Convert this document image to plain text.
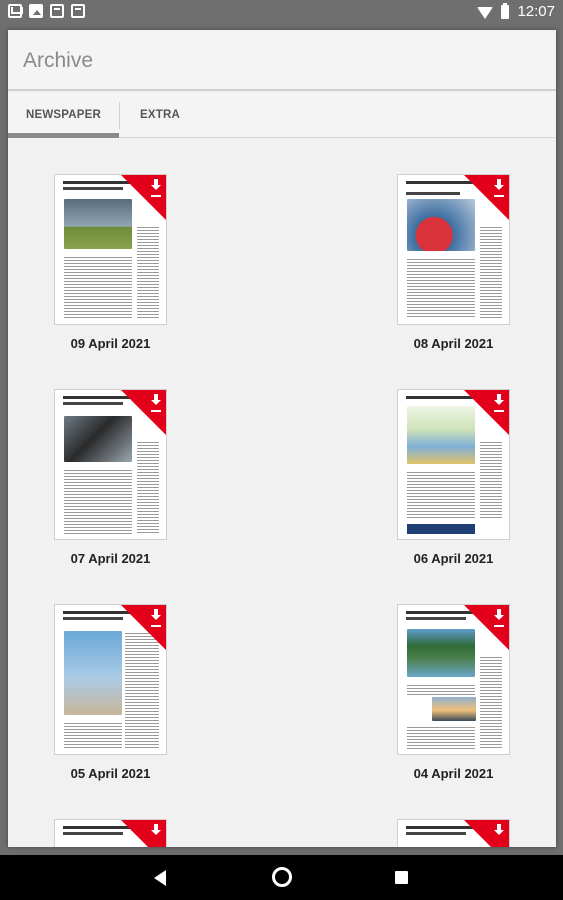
12:07
Archive
NEWSPAPER	EXTRA
09 April 2021	08 April 2021
07 April 2021	06 April 2021
05 April 2021	04 April 2021
